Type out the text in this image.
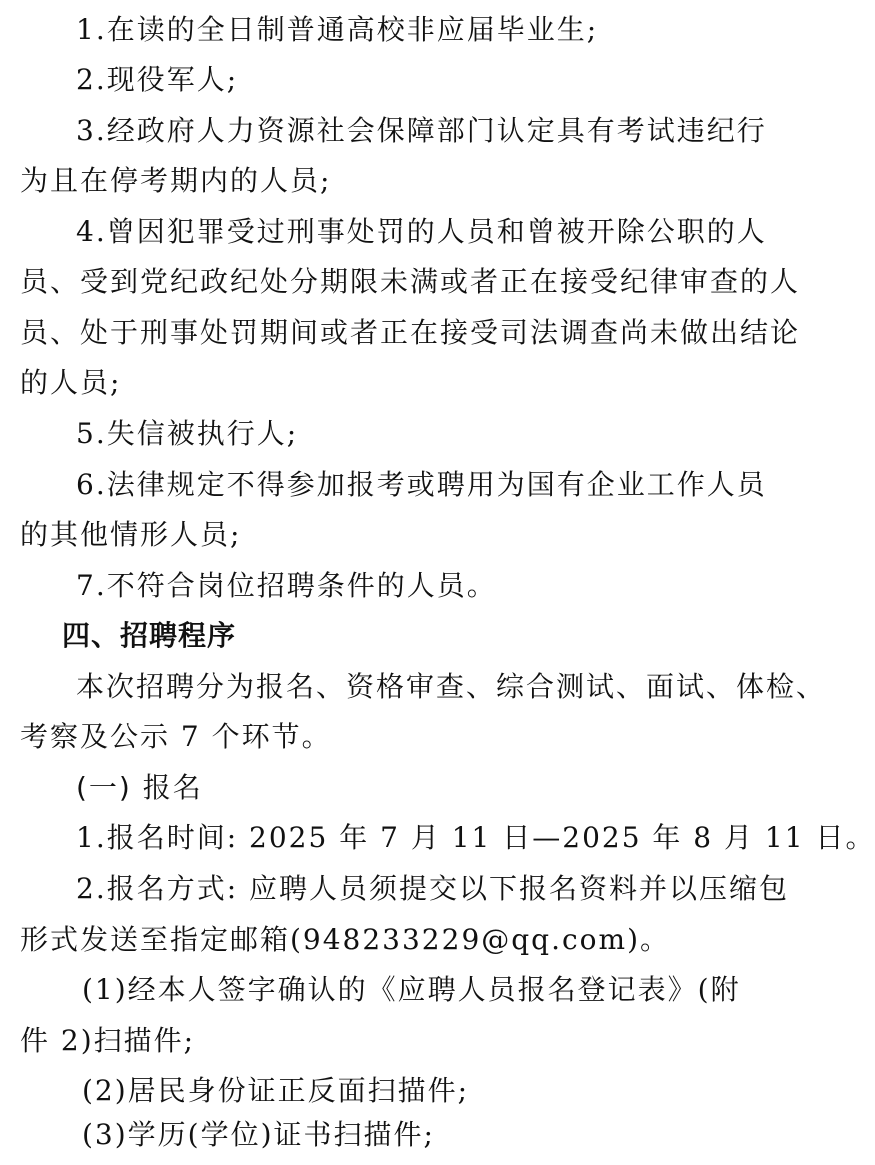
1.在读的全日制普通高校非应届毕业生;
2.现役军人;
3.经政府人力资源社会保障部门认定具有考试违纪行
为且在停考期内的人员;
4.曾因犯罪受过刑事处罚的人员和曾被开除公职的人
员、受到党纪政纪处分期限未满或者正在接受纪律审查的人
员、处于刑事处罚期间或者正在接受司法调查尚未做出结论
的人员;
5.失信被执行人;
6.法律规定不得参加报考或聘用为国有企业工作人员
的其他情形人员;
7.不符合岗位招聘条件的人员。
四、招聘程序
本次招聘分为报名、资格审查、综合测试、面试、体检、
考察及公示 7 个环节。
(一) 报名
1.报名时间: 2025 年 7 月 11 日—2025 年 8 月 11 日。
2.报名方式: 应聘人员须提交以下报名资料并以压缩包
形式发送至指定邮箱(948233229@qq.com)。
(1)经本人签字确认的《应聘人员报名登记表》(附
件 2)扫描件;
(2)居民身份证正反面扫描件;
(3)学历(学位)证书扫描件;
